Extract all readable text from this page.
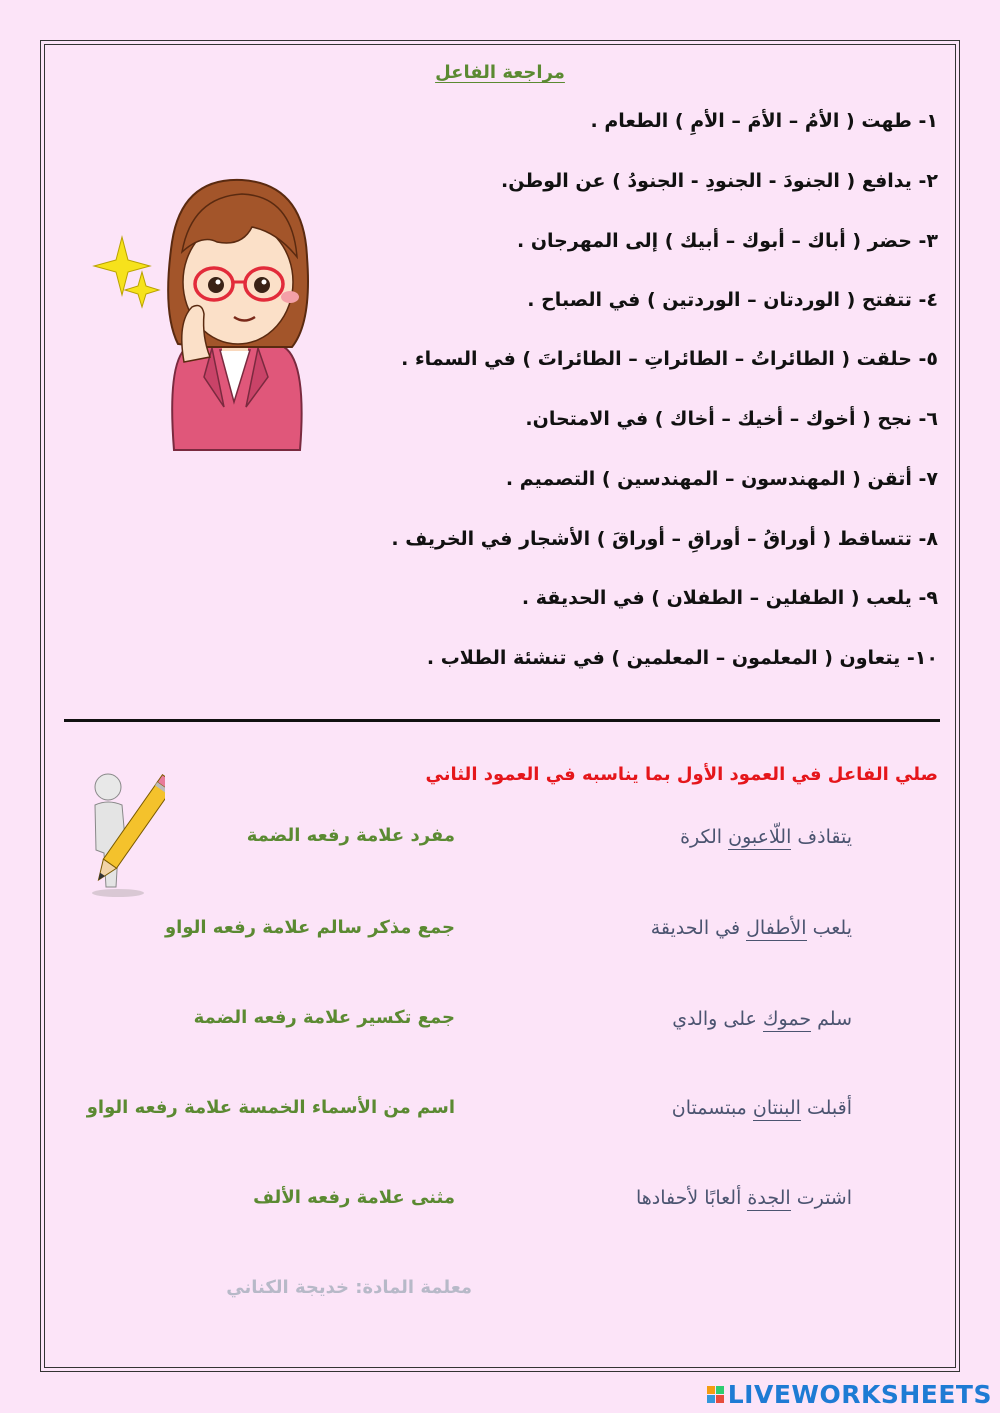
مراجعة الفاعل
١- طهت ( الأمُ – الأمَ – الأمِ ) الطعام .
٢- يدافع ( الجنودَ - الجنودِ - الجنودُ ) عن الوطن.
٣- حضر ( أباك – أبوك – أبيك ) إلى المهرجان .
٤- تتفتح ( الوردتان – الوردتين ) في الصباح .
٥- حلقت ( الطائراتُ – الطائراتِ – الطائراتَ ) في السماء .
٦- نجح ( أخوك – أخيك – أخاك ) في الامتحان.
٧- أتقن ( المهندسون – المهندسين ) التصميم .
٨- تتساقط ( أوراقُ – أوراقِ – أوراقَ ) الأشجار في الخريف .
٩- يلعب ( الطفلين – الطفلان ) في الحديقة .
١٠- يتعاون ( المعلمون – المعلمين ) في تنشئة الطلاب .
صلي الفاعل في العمود الأول بما يناسبه في العمود الثاني
يتقاذف اللّاعبون الكرة
يلعب الأطفال في الحديقة
سلم حموك على والدي
أقبلت البنتان مبتسمتان
اشترت الجدة ألعابًا لأحفادها
مفرد علامة رفعه الضمة
جمع مذكر سالم علامة رفعه الواو
جمع تكسير علامة رفعه الضمة
اسم من الأسماء الخمسة علامة رفعه الواو
مثنى علامة رفعه الألف
معلمة المادة: خديجة الكناني
LIVEWORKSHEETS
